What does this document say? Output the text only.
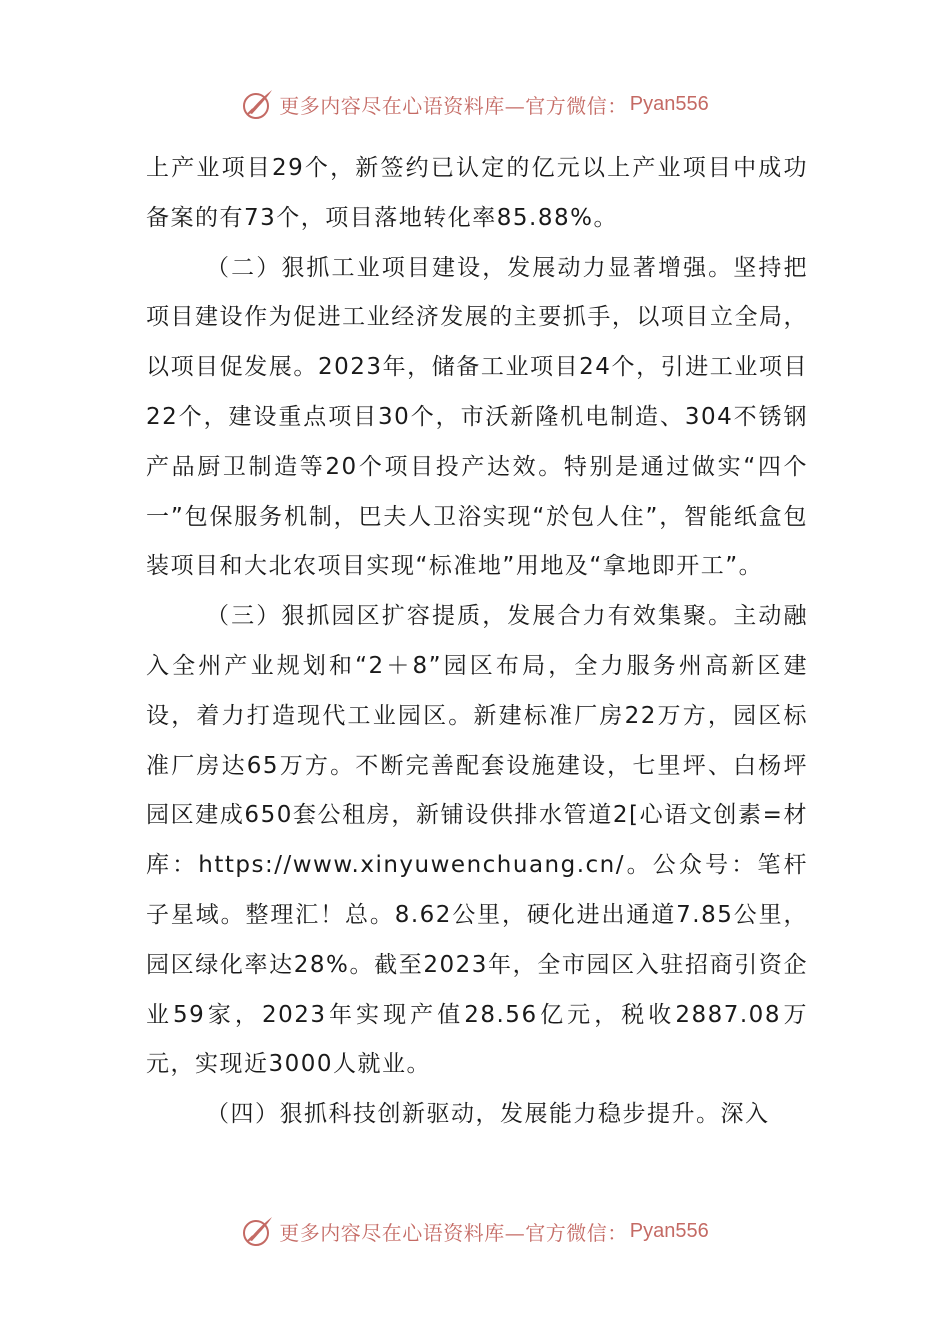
更多内容尽在心语资料库—官方微信： Pyan556

上产业项目29个，新签约已认定的亿元以上产业项目中成功备案的有73个，项目落地转化率85.88%。

（二）狠抓工业项目建设，发展动力显著增强。坚持把项目建设作为促进工业经济发展的主要抓手，以项目立全局，以项目促发展。2023年，储备工业项目24个，引进工业项目22个，建设重点项目30个，市沃新隆机电制造、304不锈钢产品厨卫制造等20个项目投产达效。特别是通过做实“四个一”包保服务机制，巴夫人卫浴实现“於包人住”，智能纸盒包装项目和大北农项目实现“标准地”用地及“拿地即开工”。

（三）狠抓园区扩容提质，发展合力有效集聚。主动融入全州产业规划和“2＋8”园区布局，全力服务州高新区建设，着力打造现代工业园区。新建标准厂房22万方，园区标准厂房达65万方。不断完善配套设施建设，七里坪、白杨坪园区建成650套公租房，新铺设供排水管道2[心语文创素=材库：https://www.xinyuwenchuang.cn/。公众号：笔杆子星域。整理汇！总。8.62公里，硬化进出通道7.85公里，园区绿化率达28%。截至2023年，全市园区入驻招商引资企业59家，2023年实现产值28.56亿元，税收2887.08万元，实现近3000人就业。

（四）狠抓科技创新驱动，发展能力稳步提升。深入

更多内容尽在心语资料库—官方微信： Pyan556
